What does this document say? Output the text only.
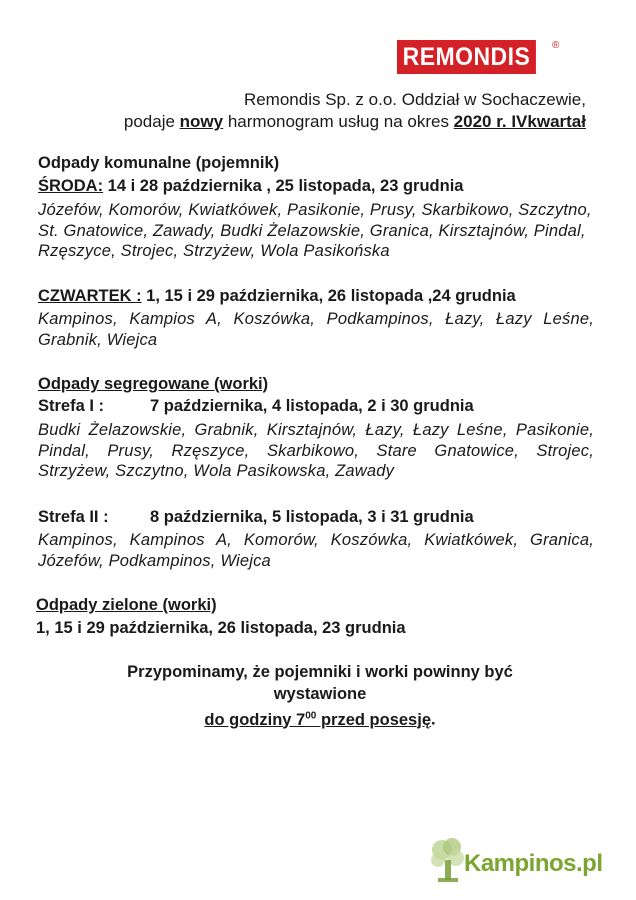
REMONDIS	®
Remondis Sp. z o.o. Oddział w Sochaczewie,
podaje nowy harmonogram usług na okres 2020 r. IVkwartał
Odpady komunalne (pojemnik)
ŚRODA: 14 i 28 października , 25 listopada, 23 grudnia
Józefów, Komorów, Kwiatkówek, Pasikonie, Prusy, Skarbikowo, Szczytno, St. Gnatowice, Zawady, Budki Żelazowskie, Granica, Kirsztajnów, Pindal, Rzęszyce, Strojec, Strzyżew, Wola Pasikońska
CZWARTEK : 1, 15 i 29 października, 26 listopada ,24 grudnia
Kampinos, Kampios A, Koszówka, Podkampinos, Łazy, Łazy Leśne, Grabnik, Wiejca
Odpady segregowane (worki)
Strefa I :	7 października, 4 listopada, 2 i 30 grudnia
Budki Żelazowskie, Grabnik, Kirsztajnów, Łazy, Łazy Leśne, Pasikonie, Pindal, Prusy, Rzęszyce, Skarbikowo, Stare Gnatowice, Strojec, Strzyżew, Szczytno, Wola Pasikowska, Zawady
Strefa II :	8 października, 5 listopada, 3 i 31 grudnia
Kampinos, Kampinos A, Komorów, Koszówka, Kwiatkówek, Granica, Józefów, Podkampinos, Wiejca
Odpady zielone (worki)
1, 15 i 29 października, 26 listopada, 23 grudnia
Przypominamy, że pojemniki i worki powinny być
wystawione
do godziny $7^{00}$ przed posesję.
Kampinos.pl
